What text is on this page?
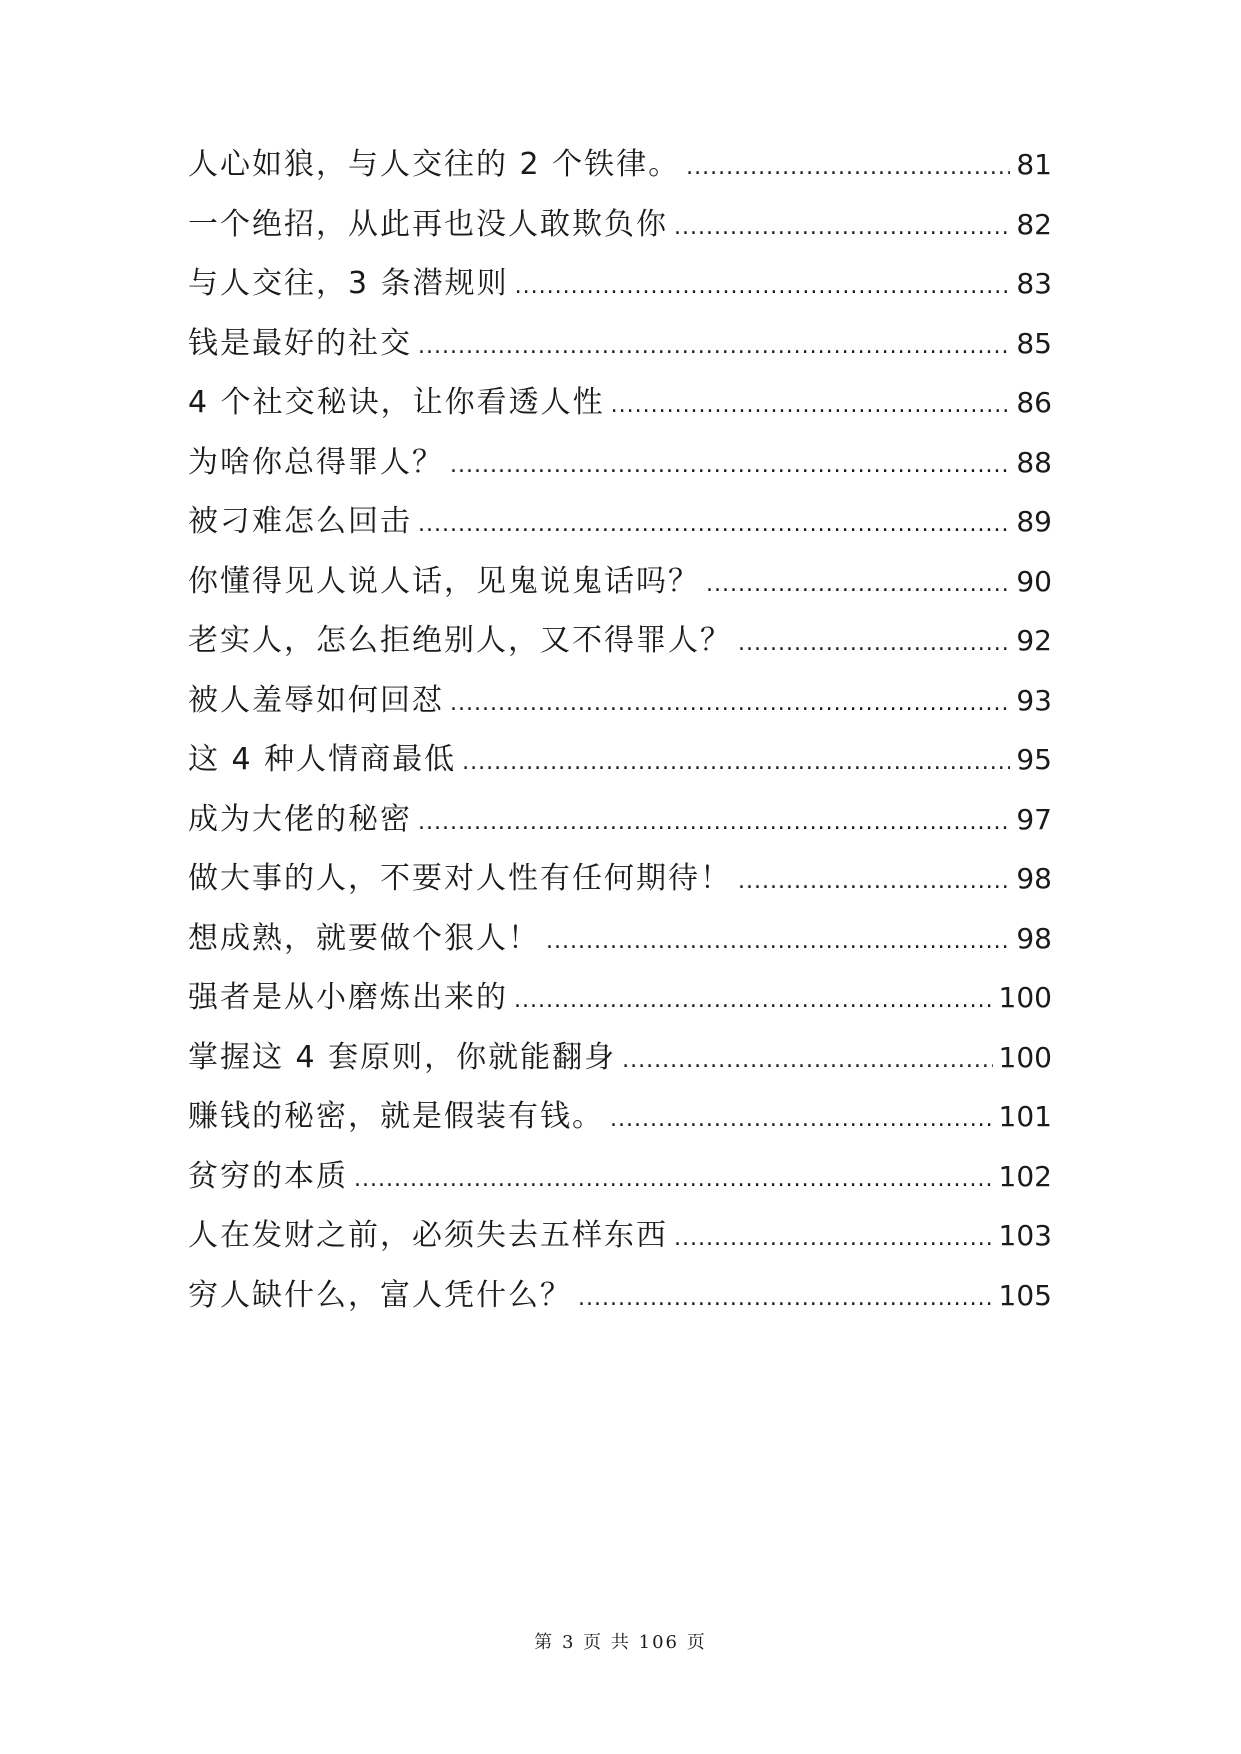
人心如狼，与人交往的 2 个铁律。 .....	81
一个绝招，从此再也没人敢欺负你 .....	82
与人交往，3 条潜规则 .....	83
钱是最好的社交 .....	85
4 个社交秘诀，让你看透人性 .....	86
为啥你总得罪人？ .....	88
被刁难怎么回击 .....	89
你懂得见人说人话，见鬼说鬼话吗？ .....	90
老实人，怎么拒绝别人，又不得罪人？ .....	92
被人羞辱如何回怼 .....	93
这 4 种人情商最低 .....	95
成为大佬的秘密 .....	97
做大事的人，不要对人性有任何期待！ .....	98
想成熟，就要做个狠人！ .....	98
强者是从小磨炼出来的 .....	100
掌握这 4 套原则，你就能翻身 .....	100
赚钱的秘密，就是假装有钱。 .....	101
贫穷的本质 .....	102
人在发财之前，必须失去五样东西 .....	103
穷人缺什么，富人凭什么？ .....	105
第 3 页 共 106 页
